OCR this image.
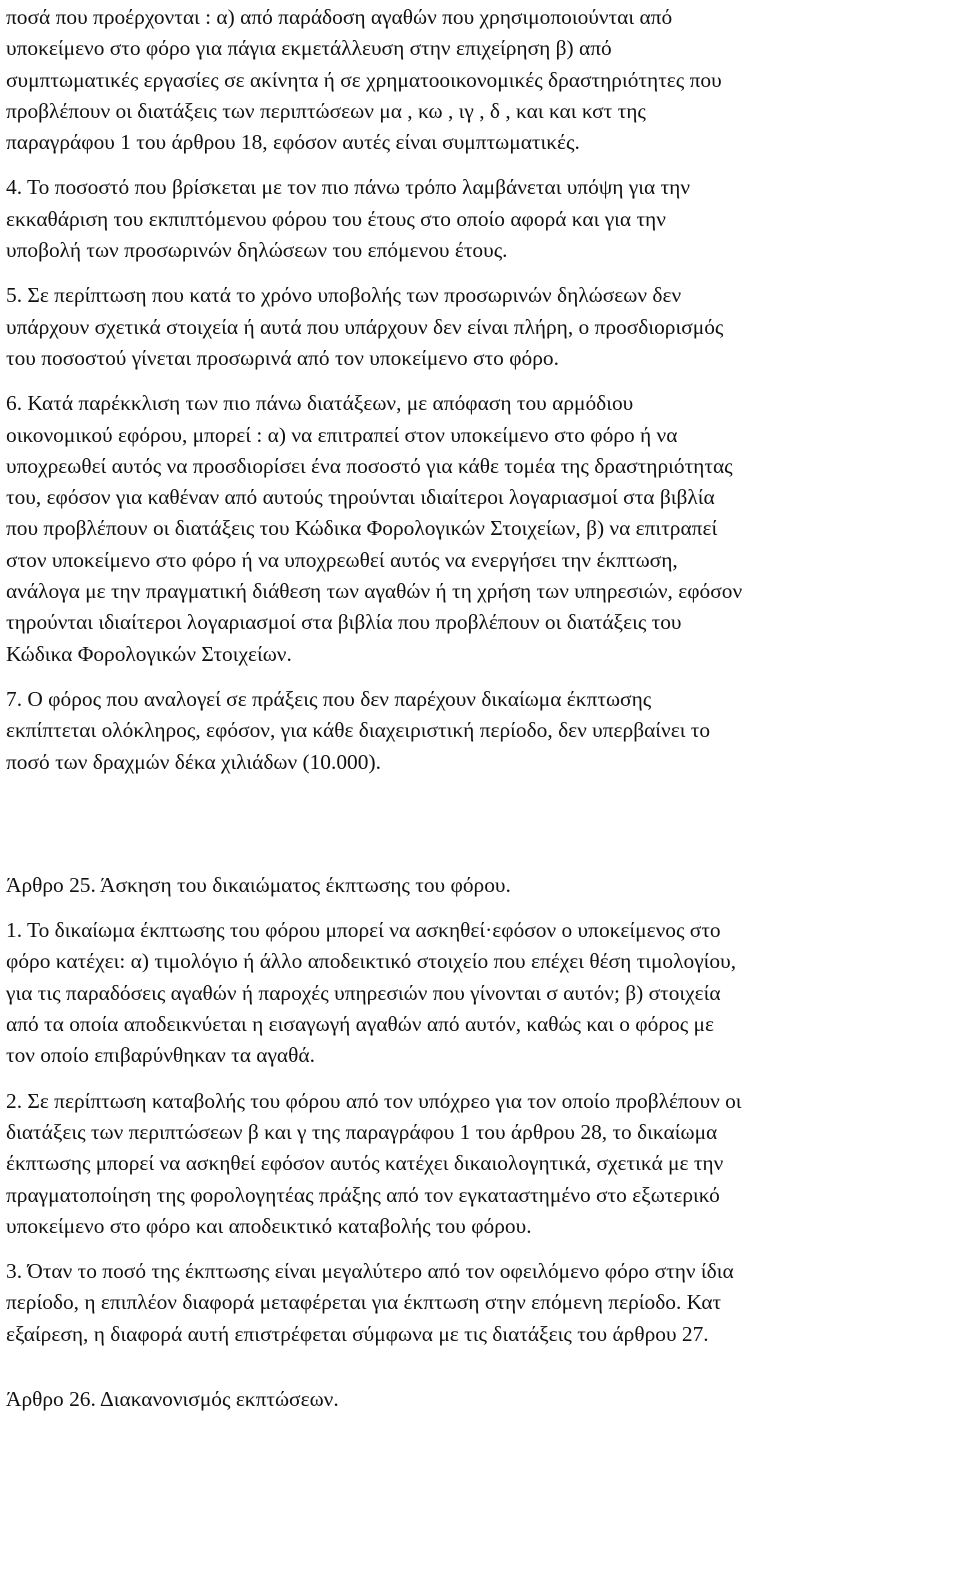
ποσά που προέρχονται : α) από παράδοση αγαθών που χρησιμοποιούνται από
υποκείμενο στο φόρο για πάγια εκμετάλλευση στην επιχείρηση β) από
συμπτωματικές εργασίες σε ακίνητα ή σε χρηματοοικονομικές δραστηριότητες που
προβλέπουν οι διατάξεις των περιπτώσεων μα , κω , ιγ , δ , και και κστ της
παραγράφου 1 του άρθρου 18, εφόσον αυτές είναι συμπτωματικές.
4. Το ποσοστό που βρίσκεται με τον πιο πάνω τρόπο λαμβάνεται υπόψη για την
εκκαθάριση του εκπιπτόμενου φόρου του έτους στο οποίο αφορά και για την
υποβολή των προσωρινών δηλώσεων του επόμενου έτους.
5. Σε περίπτωση που κατά το χρόνο υποβολής των προσωρινών δηλώσεων δεν
υπάρχουν σχετικά στοιχεία ή αυτά που υπάρχουν δεν είναι πλήρη, ο προσδιορισμός
του ποσοστού γίνεται προσωρινά από τον υποκείμενο στο φόρο.
6. Κατά παρέκκλιση των πιο πάνω διατάξεων, με απόφαση του αρμόδιου
οικονομικού εφόρου, μπορεί : α) να επιτραπεί στον υποκείμενο στο φόρο ή να
υποχρεωθεί αυτός να προσδιορίσει ένα ποσοστό για κάθε τομέα της δραστηριότητας
του, εφόσον για καθέναν από αυτούς τηρούνται ιδιαίτεροι λογαριασμοί στα βιβλία
που προβλέπουν οι διατάξεις του Κώδικα Φορολογικών Στοιχείων, β) να επιτραπεί
στον υποκείμενο στο φόρο ή να υποχρεωθεί αυτός να ενεργήσει την έκπτωση,
ανάλογα με την πραγματική διάθεση των αγαθών ή τη χρήση των υπηρεσιών, εφόσον
τηρούνται ιδιαίτεροι λογαριασμοί στα βιβλία που προβλέπουν οι διατάξεις του
Κώδικα Φορολογικών Στοιχείων.
7. Ο φόρος που αναλογεί σε πράξεις που δεν παρέχουν δικαίωμα έκπτωσης
εκπίπτεται ολόκληρος, εφόσον, για κάθε διαχειριστική περίοδο, δεν υπερβαίνει το
ποσό των δραχμών δέκα χιλιάδων (10.000).
Άρθρο 25. Άσκηση του δικαιώματος έκπτωσης του φόρου.
1. Το δικαίωμα έκπτωσης του φόρου μπορεί να ασκηθεί·εφόσον ο υποκείμενος στο
φόρο κατέχει: α) τιμολόγιο ή άλλο αποδεικτικό στοιχείο που επέχει θέση τιμολογίου,
για τις παραδόσεις αγαθών ή παροχές υπηρεσιών που γίνονται σ αυτόν; β) στοιχεία
από τα οποία αποδεικνύεται η εισαγωγή αγαθών από αυτόν, καθώς και ο φόρος με
τον οποίο επιβαρύνθηκαν τα αγαθά.
2. Σε περίπτωση καταβολής του φόρου από τον υπόχρεο για τον οποίο προβλέπουν οι
διατάξεις των περιπτώσεων β και γ της παραγράφου 1 του άρθρου 28, το δικαίωμα
έκπτωσης μπορεί να ασκηθεί εφόσον αυτός κατέχει δικαιολογητικά, σχετικά με την
πραγματοποίηση της φορολογητέας πράξης από τον εγκαταστημένο στο εξωτερικό
υποκείμενο στο φόρο και αποδεικτικό καταβολής του φόρου.
3. Όταν το ποσό της έκπτωσης είναι μεγαλύτερο από τον οφειλόμενο φόρο στην ίδια
περίοδο, η επιπλέον διαφορά μεταφέρεται για έκπτωση στην επόμενη περίοδο. Κατ
εξαίρεση, η διαφορά αυτή επιστρέφεται σύμφωνα με τις διατάξεις του άρθρου 27.
Άρθρο 26. Διακανονισμός εκπτώσεων.
